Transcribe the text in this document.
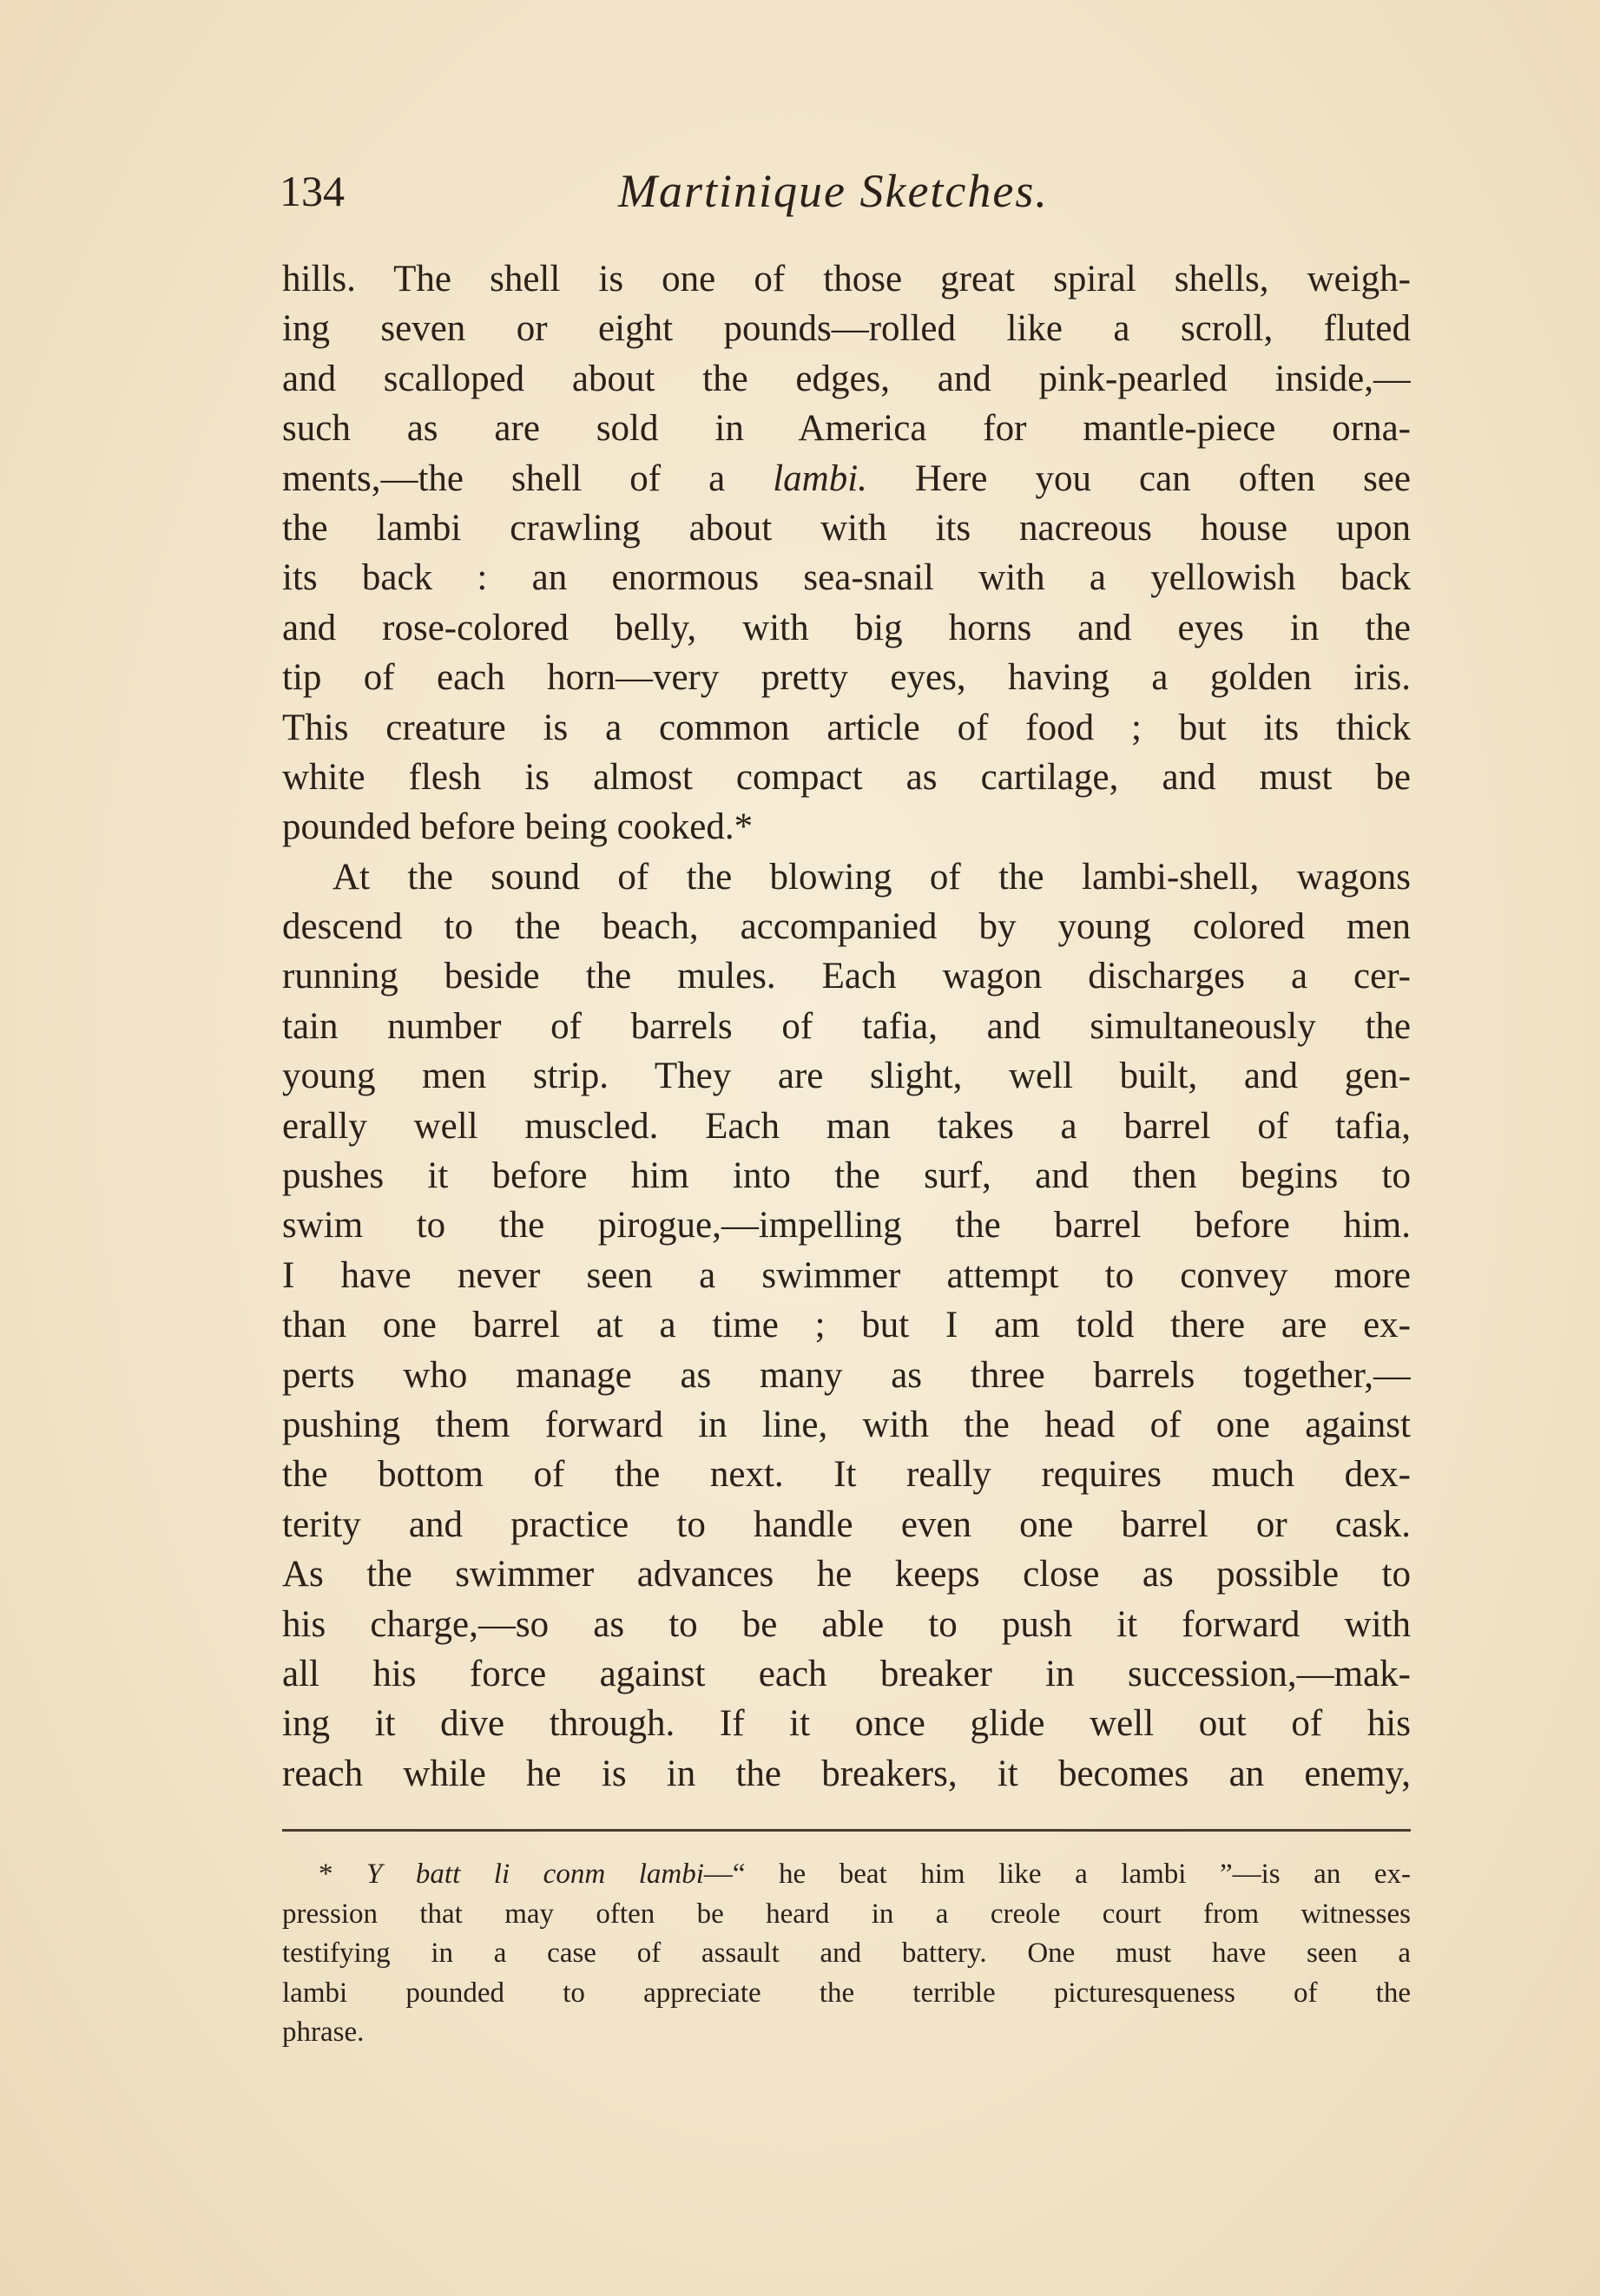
134	Martinique Sketches.
hills. The shell is one of those great spiral shells, weigh-
ing seven or eight pounds—rolled like a scroll, fluted
and scalloped about the edges, and pink-pearled inside,—
such as are sold in America for mantle-piece orna-
ments,—the shell of a lambi. Here you can often see
the lambi crawling about with its nacreous house upon
its back : an enormous sea-snail with a yellowish back
and rose-colored belly, with big horns and eyes in the
tip of each horn—very pretty eyes, having a golden iris.
This creature is a common article of food ; but its thick
white flesh is almost compact as cartilage, and must be
pounded before being cooked.*
At the sound of the blowing of the lambi-shell, wagons
descend to the beach, accompanied by young colored men
running beside the mules. Each wagon discharges a cer-
tain number of barrels of tafia, and simultaneously the
young men strip. They are slight, well built, and gen-
erally well muscled. Each man takes a barrel of tafia,
pushes it before him into the surf, and then begins to
swim to the pirogue,—impelling the barrel before him.
I have never seen a swimmer attempt to convey more
than one barrel at a time ; but I am told there are ex-
perts who manage as many as three barrels together,—
pushing them forward in line, with the head of one against
the bottom of the next. It really requires much dex-
terity and practice to handle even one barrel or cask.
As the swimmer advances he keeps close as possible to
his charge,—so as to be able to push it forward with
all his force against each breaker in succession,—mak-
ing it dive through. If it once glide well out of his
reach while he is in the breakers, it becomes an enemy,
* Y batt li conm lambi—“ he beat him like a lambi ”—is an ex-
pression that may often be heard in a creole court from witnesses
testifying in a case of assault and battery. One must have seen a
lambi pounded to appreciate the terrible picturesqueness of the
phrase.
